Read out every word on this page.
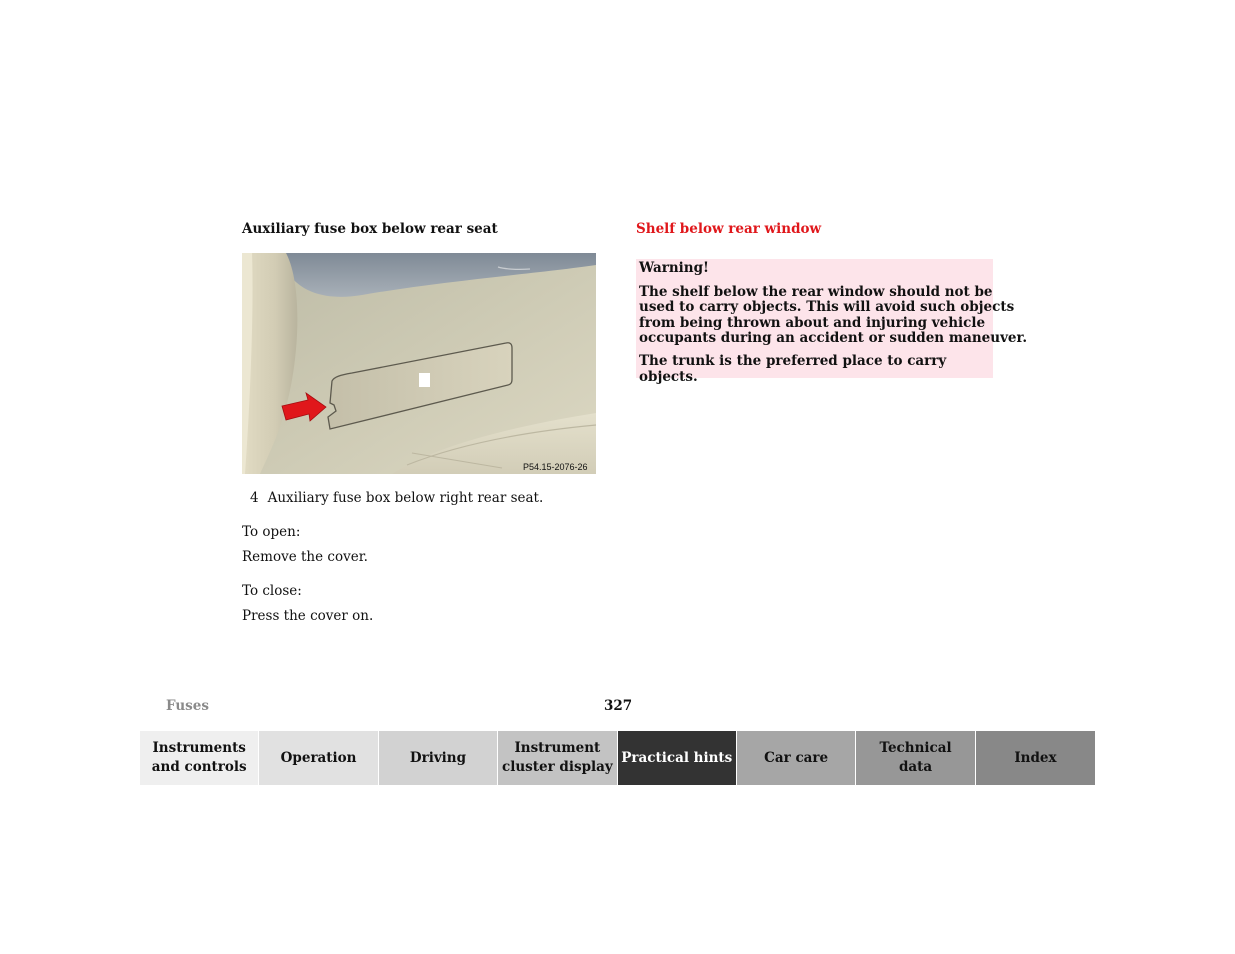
Auxiliary fuse box below rear seat
P54.15-2076-26
4 Auxiliary fuse box below right rear seat.
To open:
Remove the cover.
To close:
Press the cover on.
Shelf below rear window
Warning!
The shelf below the rear window should not be
used to carry objects. This will avoid such objects
from being thrown about and injuring vehicle
occupants during an accident or sudden maneuver.
The trunk is the preferred place to carry objects.
Fuses	327
Instruments
and controls
Operation	Driving
Instrument
cluster display
Practical hints	Car care
Technical
data
Index
